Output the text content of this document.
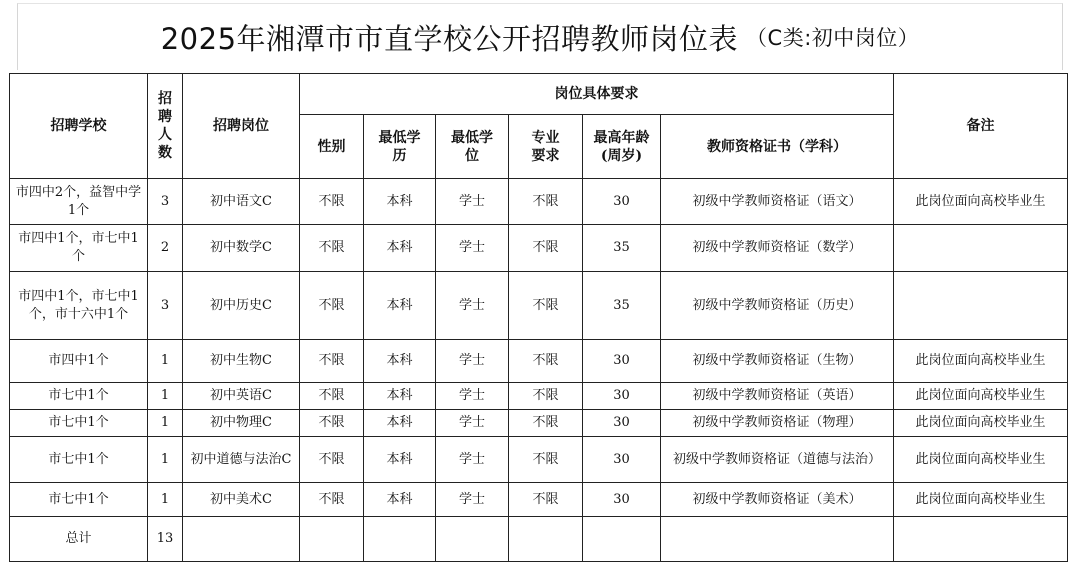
2025年湘潭市市直学校公开招聘教师岗位表 （C类:初中岗位）
招聘学校	招聘人数	招聘岗位	岗位具体要求						备注
			性别	最低学历	最低学位	专业要求	最高年龄(周岁)	教师资格证书（学科）	
市四中2个，益智中学1个	3	初中语文C	不限	本科	学士	不限	30	初级中学教师资格证（语文）	此岗位面向高校毕业生
市四中1个，市七中1个	2	初中数学C	不限	本科	学士	不限	35	初级中学教师资格证（数学）	
市四中1个，市七中1个，市十六中1个	3	初中历史C	不限	本科	学士	不限	35	初级中学教师资格证（历史）	
市四中1个	1	初中生物C	不限	本科	学士	不限	30	初级中学教师资格证（生物）	此岗位面向高校毕业生
市七中1个	1	初中英语C	不限	本科	学士	不限	30	初级中学教师资格证（英语）	此岗位面向高校毕业生
市七中1个	1	初中物理C	不限	本科	学士	不限	30	初级中学教师资格证（物理）	此岗位面向高校毕业生
市七中1个	1	初中道德与法治C	不限	本科	学士	不限	30	初级中学教师资格证（道德与法治）	此岗位面向高校毕业生
市七中1个	1	初中美术C	不限	本科	学士	不限	30	初级中学教师资格证（美术）	此岗位面向高校毕业生
总计	13								
